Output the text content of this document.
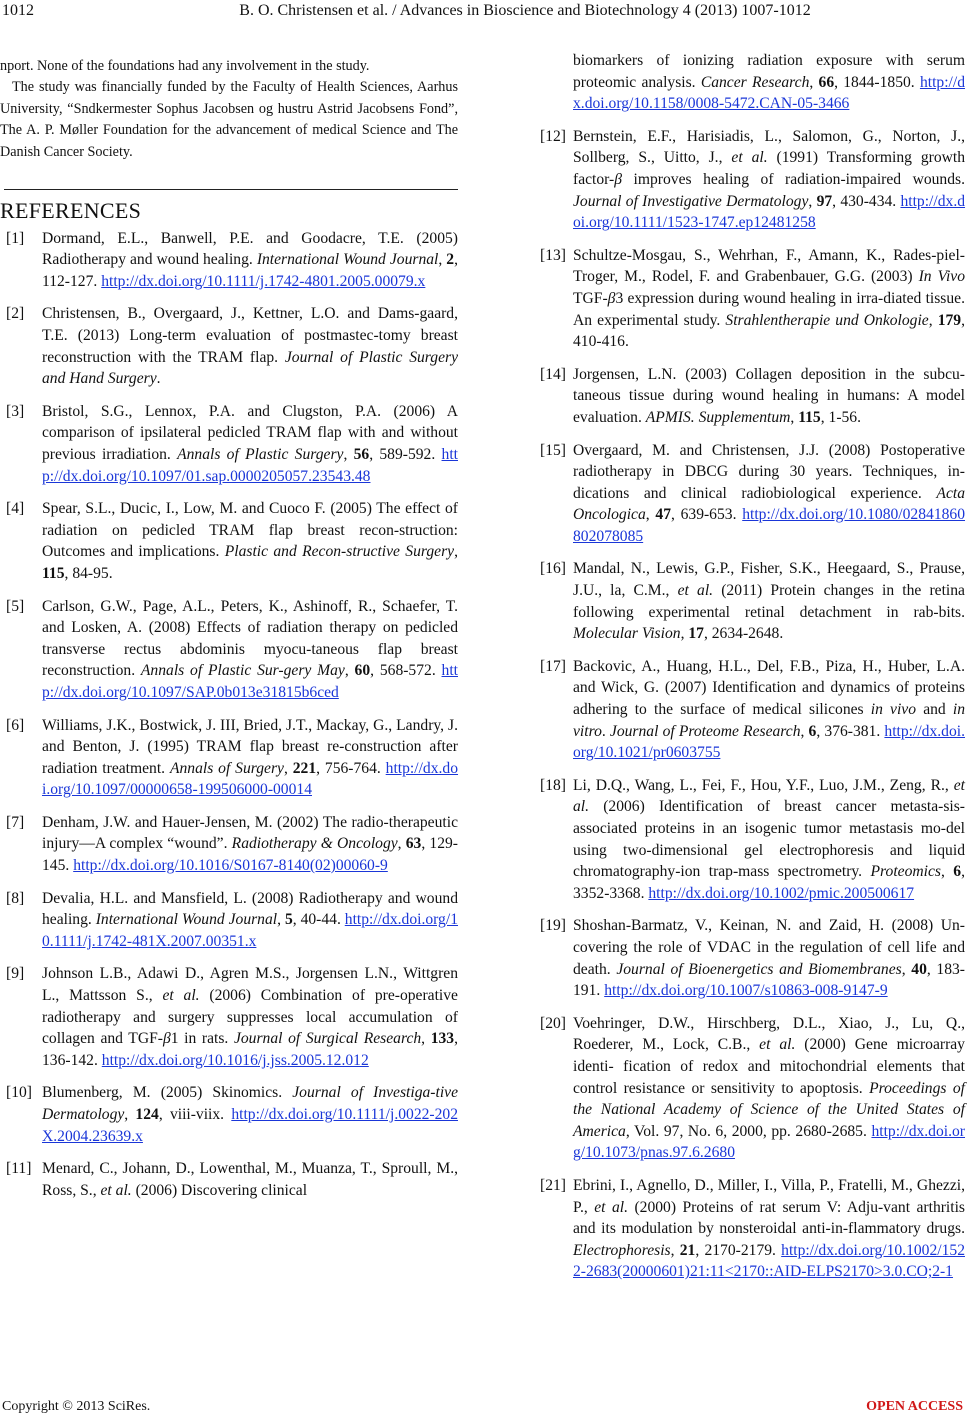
1012	B. O. Christensen et al. / Advances in Bioscience and Biotechnology 4 (2013) 1007-1012

nport. None of the foundations had any involvement in the study.

The study was financially funded by the Faculty of Health Sciences, Aarhus University, “Sndkermester Sophus Jacobsen og hustru Astrid Jacobsens Fond”, The A. P. Møller Foundation for the advancement of medical Science and The Danish Cancer Society.

REFERENCES
[1] Dormand, E.L., Banwell, P.E. and Goodacre, T.E. (2005) Radiotherapy and wound healing. International Wound Journal, 2, 112-127. http://dx.doi.org/10.1111/j.1742-4801.2005.00079.x
[2] Christensen, B., Overgaard, J., Kettner, L.O. and Dams-gaard, T.E. (2013) Long-term evaluation of postmastec-tomy breast reconstruction with the TRAM flap. Journal of Plastic Surgery and Hand Surgery.
[3] Bristol, S.G., Lennox, P.A. and Clugston, P.A. (2006) A comparison of ipsilateral pedicled TRAM flap with and without previous irradiation. Annals of Plastic Surgery, 56, 589-592. http://dx.doi.org/10.1097/01.sap.0000205057.23543.48
[4] Spear, S.L., Ducic, I., Low, M. and Cuoco F. (2005) The effect of radiation on pedicled TRAM flap breast recon-struction: Outcomes and implications. Plastic and Recon-structive Surgery, 115, 84-95.
[5] Carlson, G.W., Page, A.L., Peters, K., Ashinoff, R., Schaefer, T. and Losken, A. (2008) Effects of radiation therapy on pedicled transverse rectus abdominis myocu-taneous flap breast reconstruction. Annals of Plastic Sur-gery May, 60, 568-572. http://dx.doi.org/10.1097/SAP.0b013e31815b6ced
[6] Williams, J.K., Bostwick, J. III, Bried, J.T., Mackay, G., Landry, J. and Benton, J. (1995) TRAM flap breast re-construction after radiation treatment. Annals of Surgery, 221, 756-764. http://dx.doi.org/10.1097/00000658-199506000-00014
[7] Denham, J.W. and Hauer-Jensen, M. (2002) The radio-therapeutic injury—A complex “wound”. Radiotherapy & Oncology, 63, 129-145. http://dx.doi.org/10.1016/S0167-8140(02)00060-9
[8] Devalia, H.L. and Mansfield, L. (2008) Radiotherapy and wound healing. International Wound Journal, 5, 40-44. http://dx.doi.org/10.1111/j.1742-481X.2007.00351.x
[9] Johnson L.B., Adawi D., Agren M.S., Jorgensen L.N., Wittgren L., Mattsson S., et al. (2006) Combination of pre-operative radiotherapy and surgery suppresses local accumulation of collagen and TGF-β1 in rats. Journal of Surgical Research, 133, 136-142. http://dx.doi.org/10.1016/j.jss.2005.12.012
[10] Blumenberg, M. (2005) Skinomics. Journal of Investiga-tive Dermatology, 124, viii-viix. http://dx.doi.org/10.1111/j.0022-202X.2004.23639.x
[11] Menard, C., Johann, D., Lowenthal, M., Muanza, T., Sproull, M., Ross, S., et al. (2006) Discovering clinical
biomarkers of ionizing radiation exposure with serum proteomic analysis. Cancer Research, 66, 1844-1850. http://dx.doi.org/10.1158/0008-5472.CAN-05-3466
[12] Bernstein, E.F., Harisiadis, L., Salomon, G., Norton, J., Sollberg, S., Uitto, J., et al. (1991) Transforming growth factor-β improves healing of radiation-impaired wounds. Journal of Investigative Dermatology, 97, 430-434. http://dx.doi.org/10.1111/1523-1747.ep12481258
[13] Schultze-Mosgau, S., Wehrhan, F., Amann, K., Rades-piel-Troger, M., Rodel, F. and Grabenbauer, G.G. (2003) In Vivo TGF-β3 expression during wound healing in irra-diated tissue. An experimental study. Strahlentherapie und Onkologie, 179, 410-416.
[14] Jorgensen, L.N. (2003) Collagen deposition in the subcu-taneous tissue during wound healing in humans: A model evaluation. APMIS. Supplementum, 115, 1-56.
[15] Overgaard, M. and Christensen, J.J. (2008) Postoperative radiotherapy in DBCG during 30 years. Techniques, in-dications and clinical radiobiological experience. Acta Oncologica, 47, 639-653. http://dx.doi.org/10.1080/02841860802078085
[16] Mandal, N., Lewis, G.P., Fisher, S.K., Heegaard, S., Prause, J.U., la, C.M., et al. (2011) Protein changes in the retina following experimental retinal detachment in rab-bits. Molecular Vision, 17, 2634-2648.
[17] Backovic, A., Huang, H.L., Del, F.B., Piza, H., Huber, L.A. and Wick, G. (2007) Identification and dynamics of proteins adhering to the surface of medical silicones in vivo and in vitro. Journal of Proteome Research, 6, 376-381. http://dx.doi.org/10.1021/pr0603755
[18] Li, D.Q., Wang, L., Fei, F., Hou, Y.F., Luo, J.M., Zeng, R., et al. (2006) Identification of breast cancer metasta-sis-associated proteins in an isogenic tumor metastasis mo-del using two-dimensional gel electrophoresis and liquid chromatography-ion trap-mass spectrometry. Proteomics, 6, 3352-3368. http://dx.doi.org/10.1002/pmic.200500617
[19] Shoshan-Barmatz, V., Keinan, N. and Zaid, H. (2008) Un-covering the role of VDAC in the regulation of cell life and death. Journal of Bioenergetics and Biomembranes, 40, 183-191. http://dx.doi.org/10.1007/s10863-008-9147-9
[20] Voehringer, D.W., Hirschberg, D.L., Xiao, J., Lu, Q., Roederer, M., Lock, C.B., et al. (2000) Gene microarray identi- fication of redox and mitochondrial elements that control resistance or sensitivity to apoptosis. Proceedings of the National Academy of Science of the United States of America, Vol. 97, No. 6, 2000, pp. 2680-2685. http://dx.doi.org/10.1073/pnas.97.6.2680
[21] Ebrini, I., Agnello, D., Miller, I., Villa, P., Fratelli, M., Ghezzi, P., et al. (2000) Proteins of rat serum V: Adju-vant arthritis and its modulation by nonsteroidal anti-in-flammatory drugs. Electrophoresis, 21, 2170-2179. http://dx.doi.org/10.1002/1522-2683(20000601)21:11<2170::AID-ELPS2170>3.0.CO;2-1
Copyright © 2013 SciRes.	OPEN ACCESS
